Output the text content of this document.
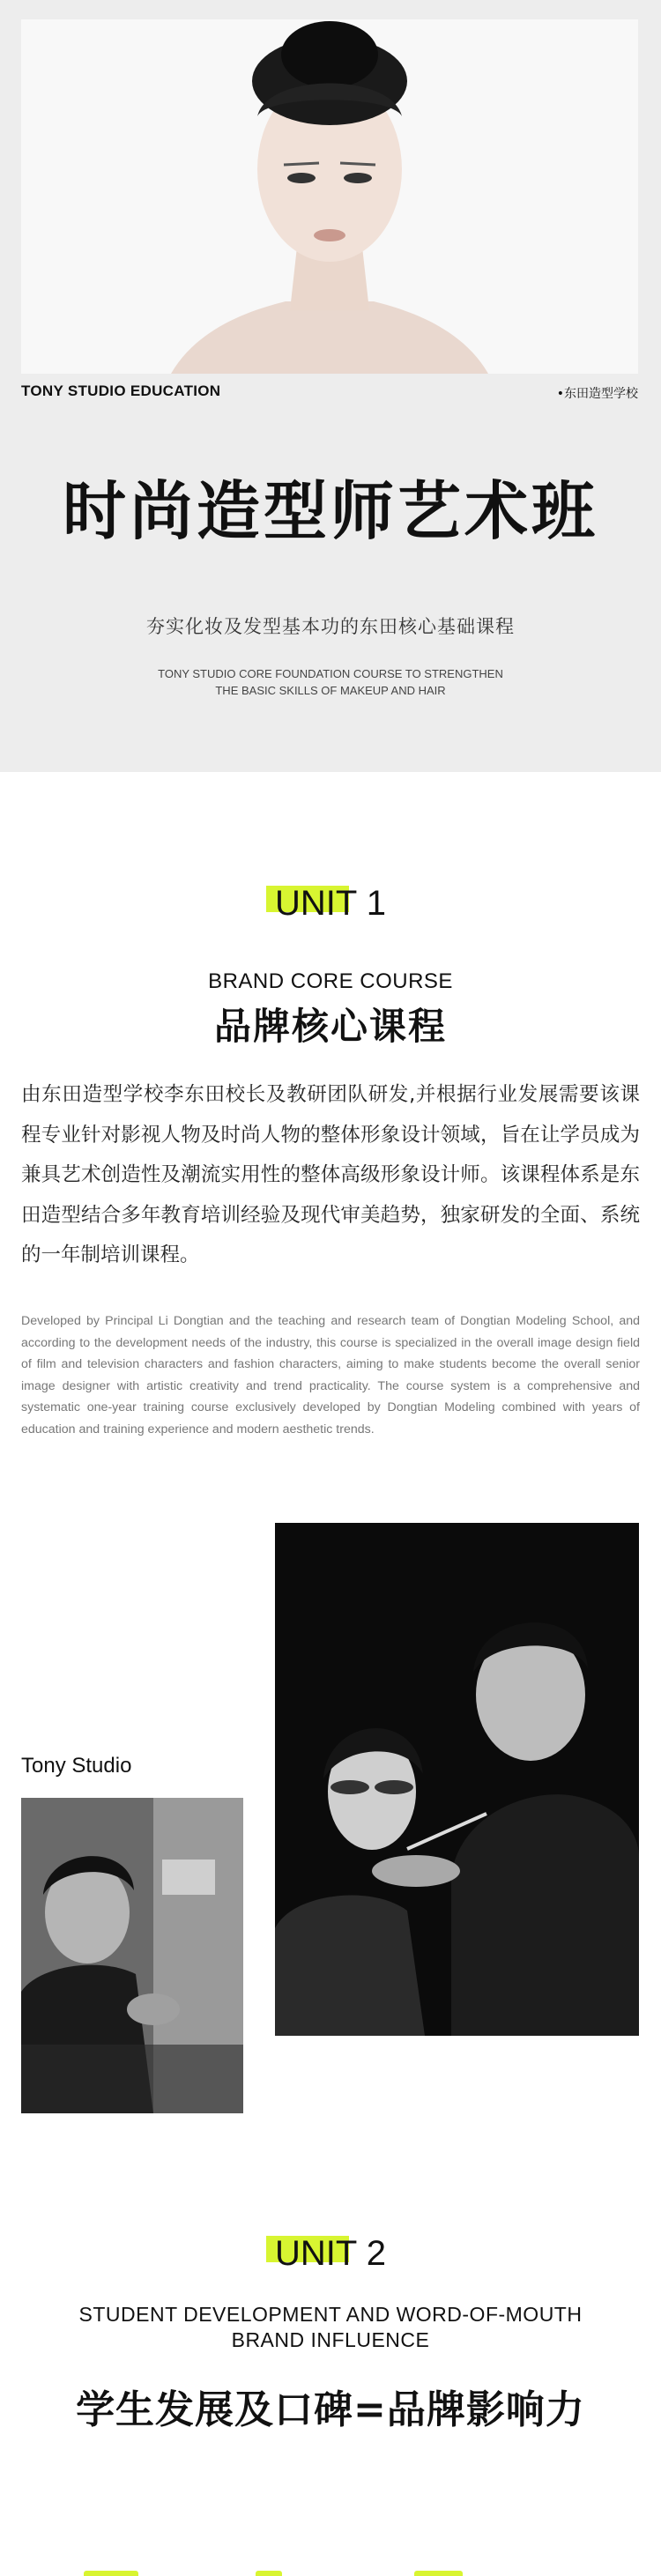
TONY STUDIO EDUCATION	•东田造型学校
时尚造型师艺术班
夯实化妆及发型基本功的东田核心基础课程
TONY STUDIO CORE FOUNDATION COURSE TO STRENGTHEN
THE BASIC SKILLS OF MAKEUP AND HAIR
UNIT 1
BRAND CORE COURSE
品牌核心课程

由东田造型学校李东田校长及教研团队研发,并根据行业发展需要该课程专业针对影视人物及时尚人物的整体形象设计领域，旨在让学员成为兼具艺术创造性及潮流实用性的整体高级形象设计师。该课程体系是东田造型结合多年教育培训经验及现代审美趋势，独家研发的全面、系统的一年制培训课程。

Developed by Principal Li Dongtian and the teaching and research team of Dongtian Modeling School, and according to the development needs of the industry, this course is specialized in the overall image design field of film and television characters and fashion characters, aiming to make students become the overall senior image designer with artistic creativity and trend practicality. The course system is a comprehensive and systematic one-year training course exclusively developed by Dongtian Modeling combined with years of education and training experience and modern aesthetic trends.

Tony Studio
UNIT 2
STUDENT DEVELOPMENT AND WORD-OF-MOUTH
BRAND INFLUENCE
学生发展及口碑=品牌影响力
